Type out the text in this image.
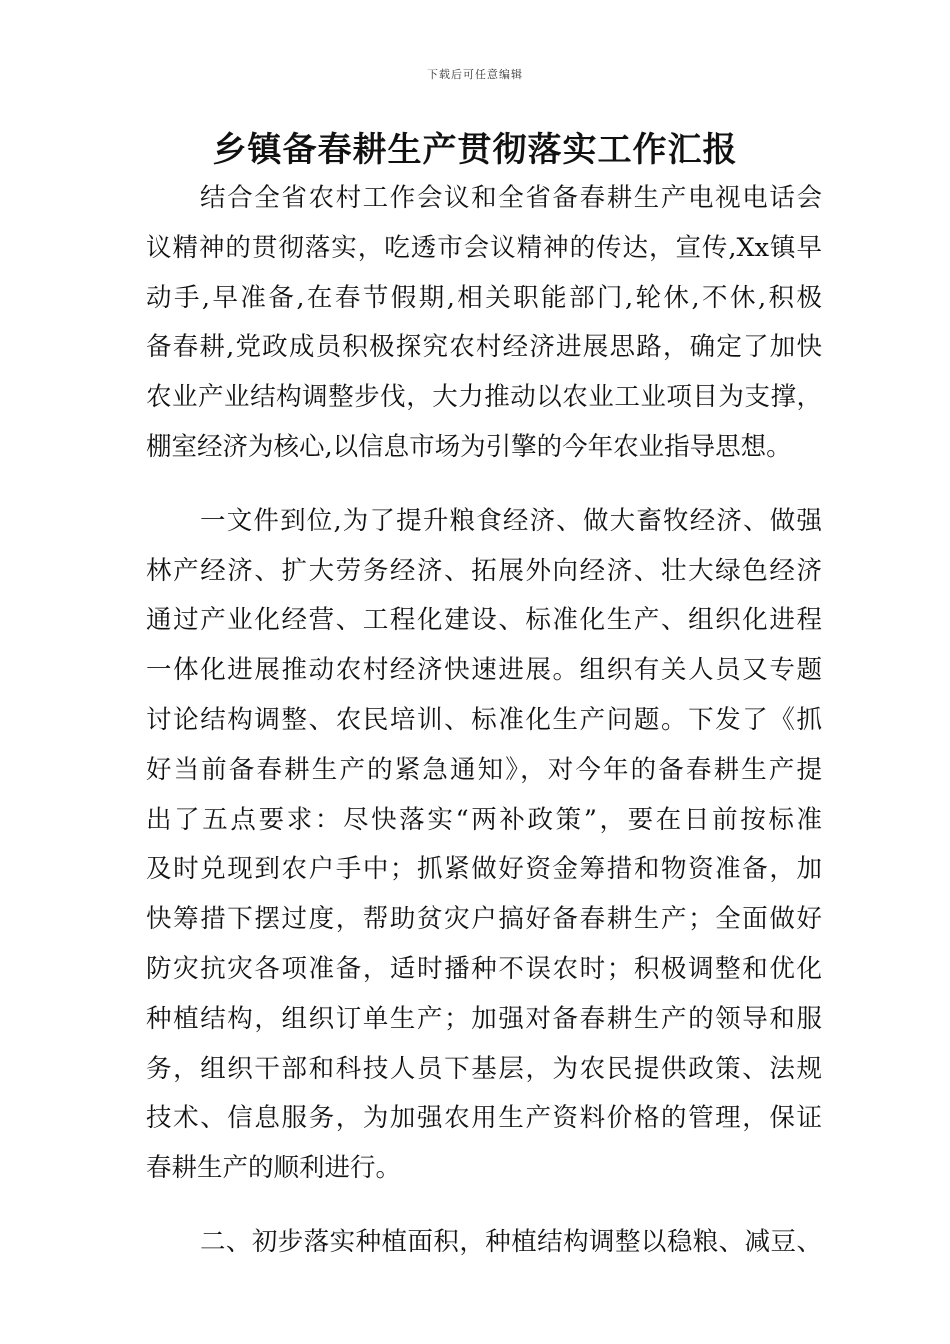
下载后可任意编辑
乡镇备春耕生产贯彻落实工作汇报
结合全省农村工作会议和全省备春耕生产电视电话会
议精神的贯彻落实，吃透市会议精神的传达，宣传,Xx镇早
动手,早准备,在春节假期,相关职能部门,轮休,不休,积极
备春耕,党政成员积极探究农村经济进展思路，确定了加快
农业产业结构调整步伐，大力推动以农业工业项目为支撑，
棚室经济为核心,以信息市场为引擎的今年农业指导思想。
一文件到位,为了提升粮食经济、做大畜牧经济、做强
林产经济、扩大劳务经济、拓展外向经济、壮大绿色经济
通过产业化经营、工程化建设、标准化生产、组织化进程
一体化进展推动农村经济快速进展。组织有关人员又专题
讨论结构调整、农民培训、标准化生产问题。下发了《抓
好当前备春耕生产的紧急通知》，对今年的备春耕生产提
出了五点要求：尽快落实“两补政策”，要在日前按标准
及时兑现到农户手中；抓紧做好资金筹措和物资准备，加
快筹措下摆过度，帮助贫灾户搞好备春耕生产；全面做好
防灾抗灾各项准备，适时播种不误农时；积极调整和优化
种植结构，组织订单生产；加强对备春耕生产的领导和服
务，组织干部和科技人员下基层，为农民提供政策、法规
技术、信息服务，为加强农用生产资料价格的管理，保证
春耕生产的顺利进行。
二、初步落实种植面积，种植结构调整以稳粮、减豆、
